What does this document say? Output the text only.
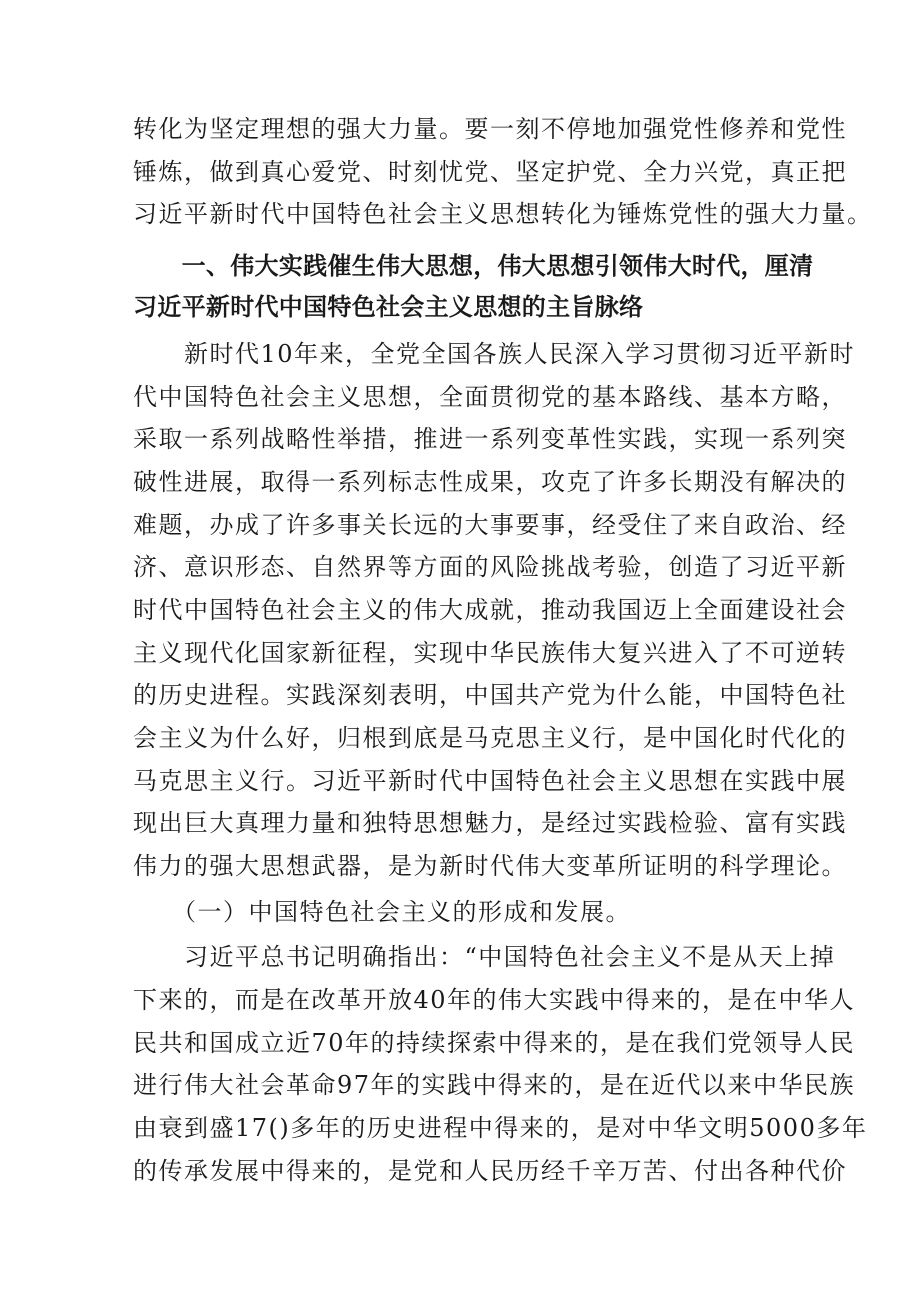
转化为坚定理想的强大力量。要一刻不停地加强党性修养和党性
锤炼，做到真心爱党、时刻忧党、坚定护党、全力兴党，真正把
习近平新时代中国特色社会主义思想转化为锤炼党性的强大力量。
　　一、伟大实践催生伟大思想，伟大思想引领伟大时代，厘清
习近平新时代中国特色社会主义思想的主旨脉络
　　新时代10年来，全党全国各族人民深入学习贯彻习近平新时
代中国特色社会主义思想，全面贯彻党的基本路线、基本方略，
采取一系列战略性举措，推进一系列变革性实践，实现一系列突
破性进展，取得一系列标志性成果，攻克了许多长期没有解决的
难题，办成了许多事关长远的大事要事，经受住了来自政治、经
济、意识形态、自然界等方面的风险挑战考验，创造了习近平新
时代中国特色社会主义的伟大成就，推动我国迈上全面建设社会
主义现代化国家新征程，实现中华民族伟大复兴进入了不可逆转
的历史进程。实践深刻表明，中国共产党为什么能，中国特色社
会主义为什么好，归根到底是马克思主义行，是中国化时代化的
马克思主义行。习近平新时代中国特色社会主义思想在实践中展
现出巨大真理力量和独特思想魅力，是经过实践检验、富有实践
伟力的强大思想武器，是为新时代伟大变革所证明的科学理论。
　　（一）中国特色社会主义的形成和发展。
　　习近平总书记明确指出：“中国特色社会主义不是从天上掉
下来的，而是在改革开放40年的伟大实践中得来的，是在中华人
民共和国成立近70年的持续探索中得来的，是在我们党领导人民
进行伟大社会革命97年的实践中得来的，是在近代以来中华民族
由衰到盛17()多年的历史进程中得来的，是对中华文明5000多年
的传承发展中得来的，是党和人民历经千辛万苦、付出各种代价
